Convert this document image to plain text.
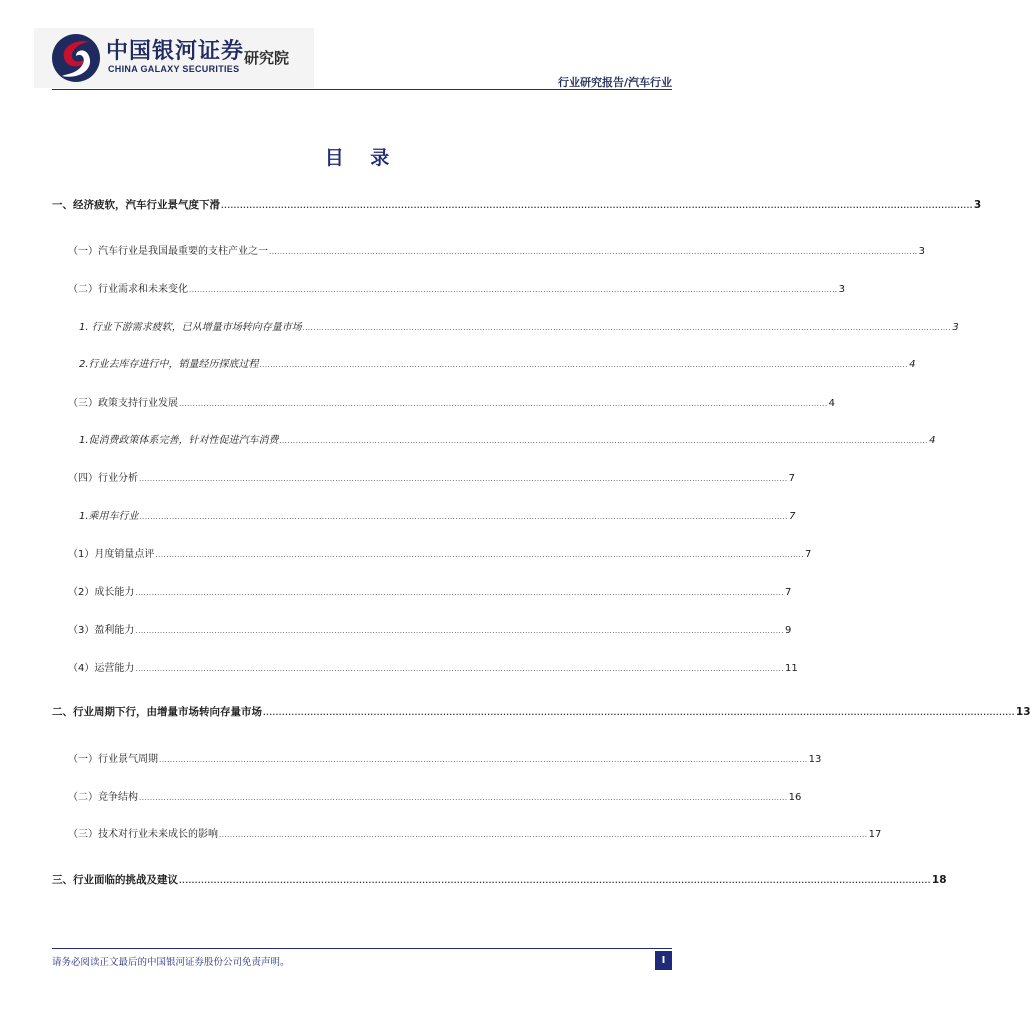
中国银河证券
CHINA GALAXY SECURITIES
研究院
行业研究报告/汽车行业
目 录
一、经济疲软，汽车行业景气度下滑 .............................................................................................................................................................................................................................................. 3
（一）汽车行业是我国最重要的支柱产业之一 .............................................................................................................................................................................................................................................. 3
（二）行业需求和未来变化 .............................................................................................................................................................................................................................................. 3
1. 行业下游需求疲软，已从增量市场转向存量市场 .............................................................................................................................................................................................................................................. 3
2.行业去库存进行中，销量经历探底过程 .............................................................................................................................................................................................................................................. 4
（三）政策支持行业发展 .............................................................................................................................................................................................................................................. 4
1.促消费政策体系完善，针对性促进汽车消费 .............................................................................................................................................................................................................................................. 4
（四）行业分析 .............................................................................................................................................................................................................................................. 7
1.乘用车行业 .............................................................................................................................................................................................................................................. 7
（1）月度销量点评 .............................................................................................................................................................................................................................................. 7
（2）成长能力 .............................................................................................................................................................................................................................................. 7
（3）盈利能力 .............................................................................................................................................................................................................................................. 9
（4）运营能力 .............................................................................................................................................................................................................................................. 11
二、行业周期下行，由增量市场转向存量市场 .............................................................................................................................................................................................................................................. 13
（一）行业景气周期 .............................................................................................................................................................................................................................................. 13
（二）竞争结构 .............................................................................................................................................................................................................................................. 16
（三）技术对行业未来成长的影响 .............................................................................................................................................................................................................................................. 17
三、行业面临的挑战及建议 .............................................................................................................................................................................................................................................. 18
请务必阅读正文最后的中国银河证券股份公司免责声明。	I
